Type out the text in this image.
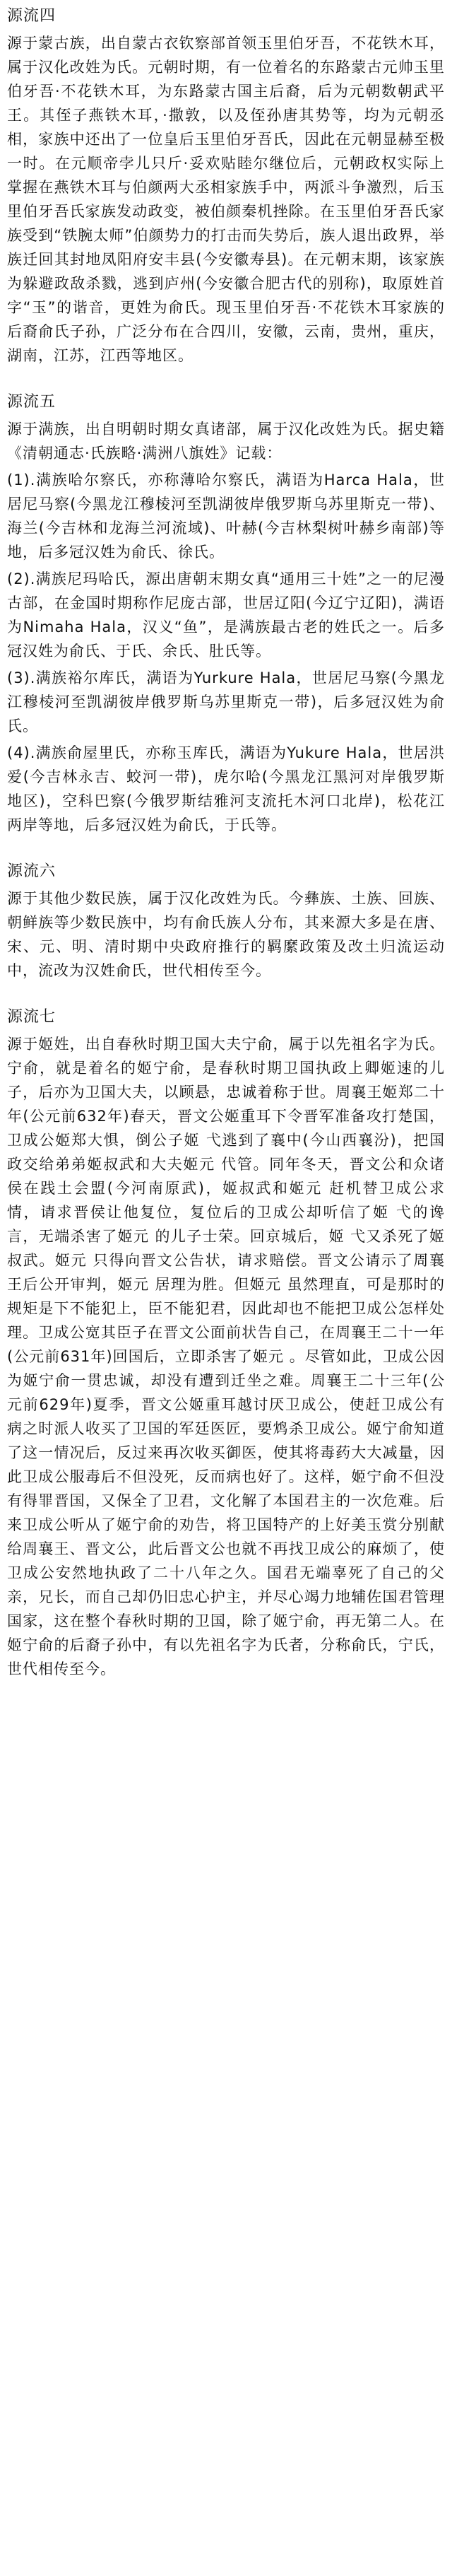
源流四

源于蒙古族，出自蒙古衣钦察部首领玉里伯牙吾，不花铁木耳，属于汉化改姓为氏。元朝时期，有一位着名的东路蒙古元帅玉里伯牙吾·不花铁木耳，为东路蒙古国主后裔，后为元朝数朝武平王。其侄子燕铁木耳，·撒敦，以及侄孙唐其势等，均为元朝丞相，家族中还出了一位皇后玉里伯牙吾氏，因此在元朝显赫至极一时。在元顺帝孛儿只斤·妥欢贴睦尔继位后，元朝政权实际上掌握在燕铁木耳与伯颜两大丞相家族手中，两派斗争激烈，后玉里伯牙吾氏家族发动政变，被伯颜秦机挫除。在玉里伯牙吾氏家族受到“铁腕太师”伯颜势力的打击而失势后，族人退出政界，举族迁回其封地凤阳府安丰县(今安徽寿县)。在元朝末期，该家族为躲避政敌杀戮，逃到庐州(今安徽合肥古代的别称)，取原姓首字“玉”的谐音，更姓为俞氏。现玉里伯牙吾·不花铁木耳家族的后裔俞氏子孙，广泛分布在合四川，安徽，云南，贵州，重庆，湖南，江苏，江西等地区。

源流五

源于满族，出自明朝时期女真诸部，属于汉化改姓为氏。据史籍《清朝通志·氏族略·满洲八旗姓》记载：

(1).满族哈尔察氏，亦称薄哈尔察氏，满语为Harca Hala，世居尼马察(今黑龙江穆棱河至凯湖彼岸俄罗斯乌苏里斯克一带)、海兰(今吉林和龙海兰河流域)、叶赫(今吉林梨树叶赫乡南部)等地，后多冠汉姓为俞氏、徐氏。

(2).满族尼玛哈氏，源出唐朝末期女真“通用三十姓”之一的尼漫古部，在金国时期称作尼庞古部，世居辽阳(今辽宁辽阳)，满语为Nimaha Hala，汉义“鱼”，是满族最古老的姓氏之一。后多冠汉姓为俞氏、于氏、余氏、肚氏等。

(3).满族裕尔库氏，满语为Yurkure Hala，世居尼马察(今黑龙江穆棱河至凯湖彼岸俄罗斯乌苏里斯克一带)，后多冠汉姓为俞氏。

(4).满族俞屋里氏，亦称玉库氏，满语为Yukure Hala，世居洪爱(今吉林永吉、蛟河一带)，虎尔哈(今黑龙江黑河对岸俄罗斯地区)，空科巴察(今俄罗斯结雅河支流托木河口北岸)，松花江两岸等地，后多冠汉姓为俞氏，于氏等。

源流六

源于其他少数民族，属于汉化改姓为氏。今彝族、土族、回族、朝鲜族等少数民族中，均有俞氏族人分布，其来源大多是在唐、宋、元、明、清时期中央政府推行的羁縻政策及改土归流运动中，流改为汉姓俞氏，世代相传至今。

源流七

源于姬姓，出自春秋时期卫国大夫宁俞，属于以先祖名字为氏。宁俞，就是着名的姬宁俞，是春秋时期卫国执政上卿姬速的儿子，后亦为卫国大夫，以顾悬，忠诚着称于世。周襄王姬郑二十年(公元前632年)春天，晋文公姬重耳下令晋军准备攻打楚国，卫成公姬郑大惧，倒公子姬 弋逃到了襄中(今山西襄汾)，把国政交给弟弟姬叔武和大夫姬元 代管。同年冬天，晋文公和众诸侯在践土会盟(今河南原武)，姬叔武和姬元 赶机替卫成公求情，请求晋侯让他复位，复位后的卫成公却听信了姬 弋的谗言，无端杀害了姬元 的儿子士荣。回京城后，姬 弋又杀死了姬叔武。姬元 只得向晋文公告状，请求赔偿。晋文公请示了周襄王后公开审判，姬元 居理为胜。但姬元 虽然理直，可是那时的规矩是下不能犯上，臣不能犯君，因此却也不能把卫成公怎样处理。卫成公宽其臣子在晋文公面前状告自己，在周襄王二十一年(公元前631年)回国后，立即杀害了姬元 。尽管如此，卫成公因为姬宁俞一贯忠诚，却没有遭到迁坐之难。周襄王二十三年(公元前629年)夏季，晋文公姬重耳越讨厌卫成公，使赶卫成公有病之时派人收买了卫国的军廷医匠，要鸩杀卫成公。姬宁俞知道了这一情况后，反过来再次收买御医，使其将毒药大大减量，因此卫成公服毒后不但没死，反而病也好了。这样，姬宁俞不但没有得罪晋国，又保全了卫君，文化解了本国君主的一次危难。后来卫成公听从了姬宁俞的劝告，将卫国特产的上好美玉赏分别献给周襄王、晋文公，此后晋文公也就不再找卫成公的麻烦了，使卫成公安然地执政了二十八年之久。国君无端辜死了自己的父亲，兄长，而自己却仍旧忠心护主，并尽心竭力地辅佐国君管理国家，这在整个春秋时期的卫国，除了姬宁俞，再无第二人。在姬宁俞的后裔子孙中，有以先祖名字为氏者，分称俞氏，宁氏，世代相传至今。
